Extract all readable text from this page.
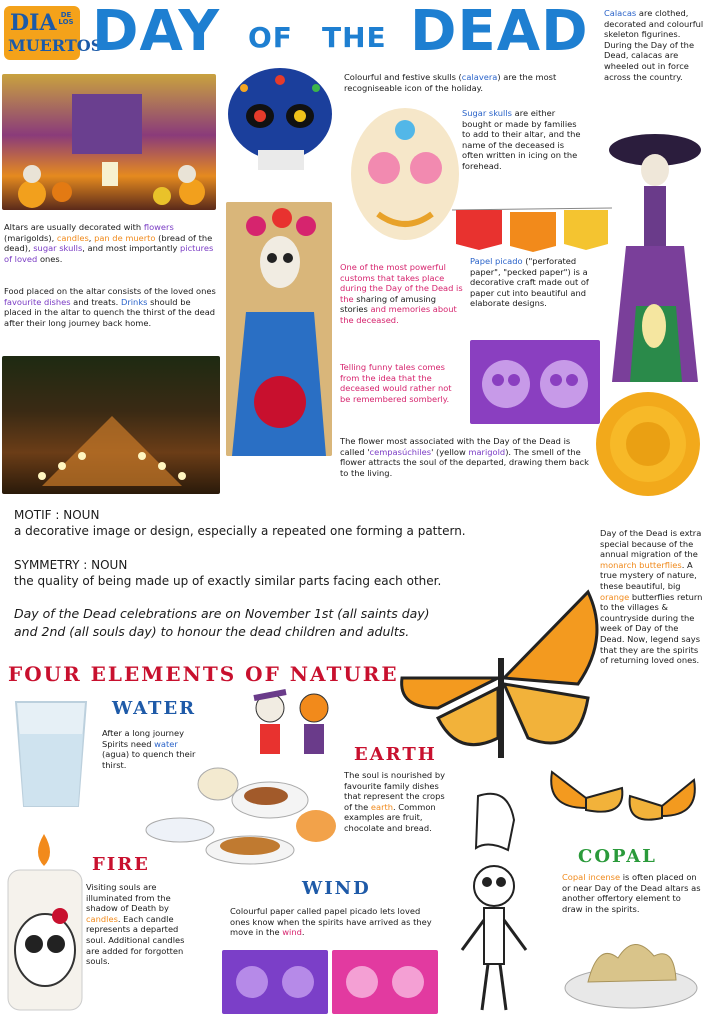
DIA DE LOS
MUERTOS
DAY OF THE DEAD Calacas are clothed, decorated and colourful skeleton figurines. During the Day of the Dead, calacas are wheeled out in force across the country.
Colourful and festive skulls (calavera) are the most recogniseable icon of the holiday.
Sugar skulls are either bought or made by families to add to their altar, and the name of the deceased is often written in icing on the forehead.
Altars are usually decorated with flowers (marigolds), candles, pan de muerto (bread of the dead), sugar skulls, and most importantly pictures of loved ones.
Food placed on the altar consists of the loved ones favourite dishes and treats. Drinks should be placed in the altar to quench the thirst of the dead after their long journey back home.
One of the most powerful customs that takes place during the Day of the Dead is the sharing of amusing stories and memories about the deceased.
Telling funny tales comes from the idea that the deceased would rather not be remembered somberly.
Papel picado ("perforated paper", "pecked paper") is a decorative craft made out of paper cut into beautiful and elaborate designs.
The flower most associated with the Day of the Dead is called 'cempasúchiles' (yellow marigold). The smell of the flower attracts the soul of the departed, drawing them back to the living.
MOTIF : NOUN
a decorative image or design, especially a repeated one forming a pattern.
SYMMETRY : NOUN
the quality of being made up of exactly similar parts facing each other.
Day of the Dead celebrations are on November 1st (all saints day)
and 2nd (all souls day) to honour the dead children and adults.
Day of the Dead is extra special because of the annual migration of the monarch butterflies. A true mystery of nature, these beautiful, big orange butterflies return to the villages & countryside during the week of Day of the Dead. Now, legend says that they are the spirits of returning loved ones.
FOUR ELEMENTS OF NATURE
WATER
After a long journey Spirits need water (agua) to quench their thirst.	EARTH
The soul is nourished by favourite family dishes that represent the crops of the earth. Common examples are fruit, chocolate and bread.
FIRE
Visiting souls are illuminated from the shadow of Death by candles. Each candle represents a departed soul. Additional candles are added for forgotten souls.
WIND
Colourful paper called papel picado lets loved ones know when the spirits have arrived as they move in the wind.
COPAL
Copal incense is often placed on or near Day of the Dead altars as another offertory element to draw in the spirits.
